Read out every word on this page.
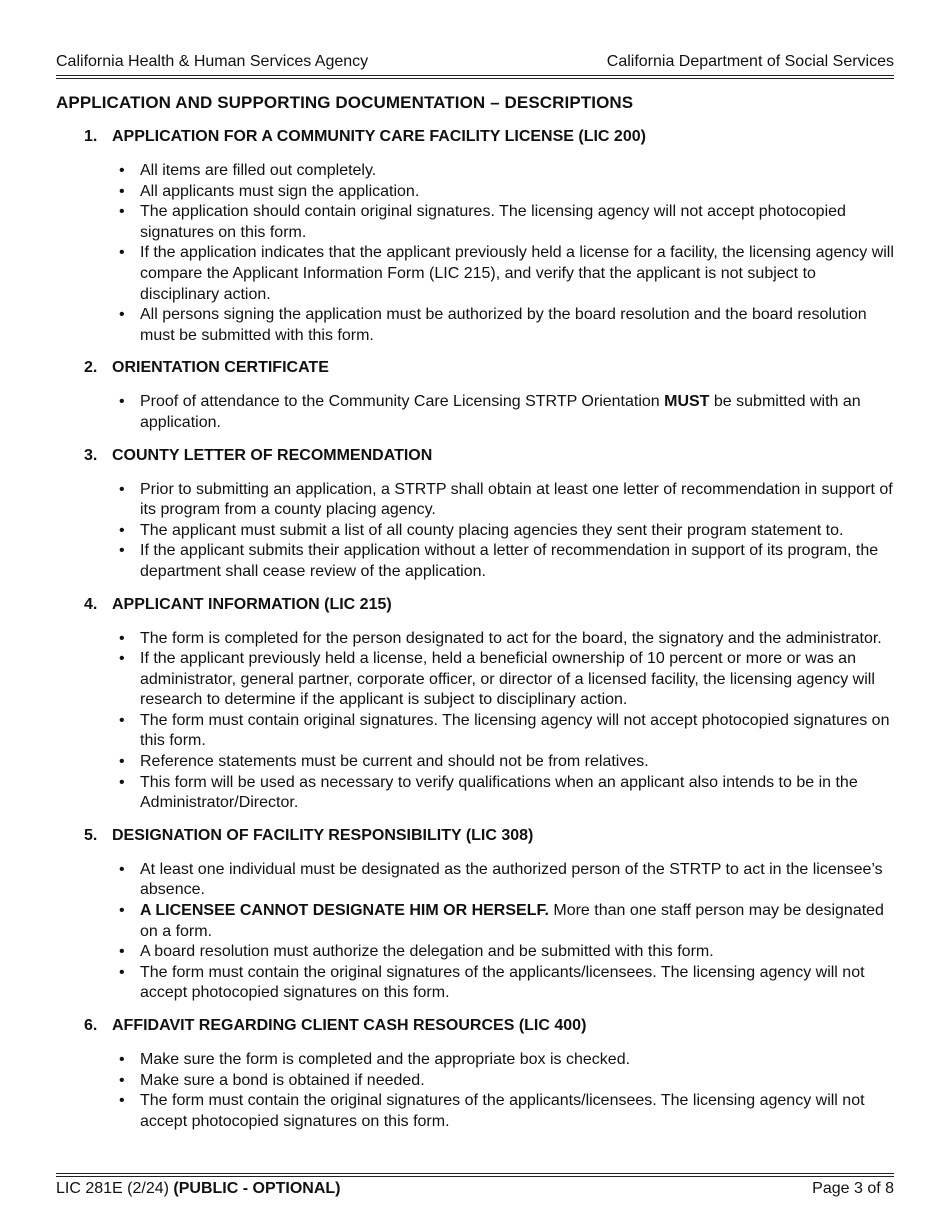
California Health & Human Services Agency	California Department of Social Services
APPLICATION AND SUPPORTING DOCUMENTATION – DESCRIPTIONS
1. APPLICATION FOR A COMMUNITY CARE FACILITY LICENSE (LIC 200)
• All items are filled out completely.
• All applicants must sign the application.
• The application should contain original signatures. The licensing agency will not accept photocopied signatures on this form.
• If the application indicates that the applicant previously held a license for a facility, the licensing agency will compare the Applicant Information Form (LIC 215), and verify that the applicant is not subject to disciplinary action.
• All persons signing the application must be authorized by the board resolution and the board resolution must be submitted with this form.
2. ORIENTATION CERTIFICATE
• Proof of attendance to the Community Care Licensing STRTP Orientation MUST be submitted with an application.
3. COUNTY LETTER OF RECOMMENDATION
• Prior to submitting an application, a STRTP shall obtain at least one letter of recommendation in support of its program from a county placing agency.
• The applicant must submit a list of all county placing agencies they sent their program statement to.
• If the applicant submits their application without a letter of recommendation in support of its program, the department shall cease review of the application.
4. APPLICANT INFORMATION (LIC 215)
• The form is completed for the person designated to act for the board, the signatory and the administrator.
• If the applicant previously held a license, held a beneficial ownership of 10 percent or more or was an administrator, general partner, corporate officer, or director of a licensed facility, the licensing agency will research to determine if the applicant is subject to disciplinary action.
• The form must contain original signatures. The licensing agency will not accept photocopied signatures on this form.
• Reference statements must be current and should not be from relatives.
• This form will be used as necessary to verify qualifications when an applicant also intends to be in the Administrator/Director.
5. DESIGNATION OF FACILITY RESPONSIBILITY (LIC 308)
• At least one individual must be designated as the authorized person of the STRTP to act in the licensee’s absence.
• A LICENSEE CANNOT DESIGNATE HIM OR HERSELF. More than one staff person may be designated on a form.
• A board resolution must authorize the delegation and be submitted with this form.
• The form must contain the original signatures of the applicants/licensees. The licensing agency will not accept photocopied signatures on this form.
6. AFFIDAVIT REGARDING CLIENT CASH RESOURCES (LIC 400)
• Make sure the form is completed and the appropriate box is checked.
• Make sure a bond is obtained if needed.
• The form must contain the original signatures of the applicants/licensees. The licensing agency will not accept photocopied signatures on this form.
LIC 281E (2/24) (PUBLIC - OPTIONAL)	Page 3 of 8
